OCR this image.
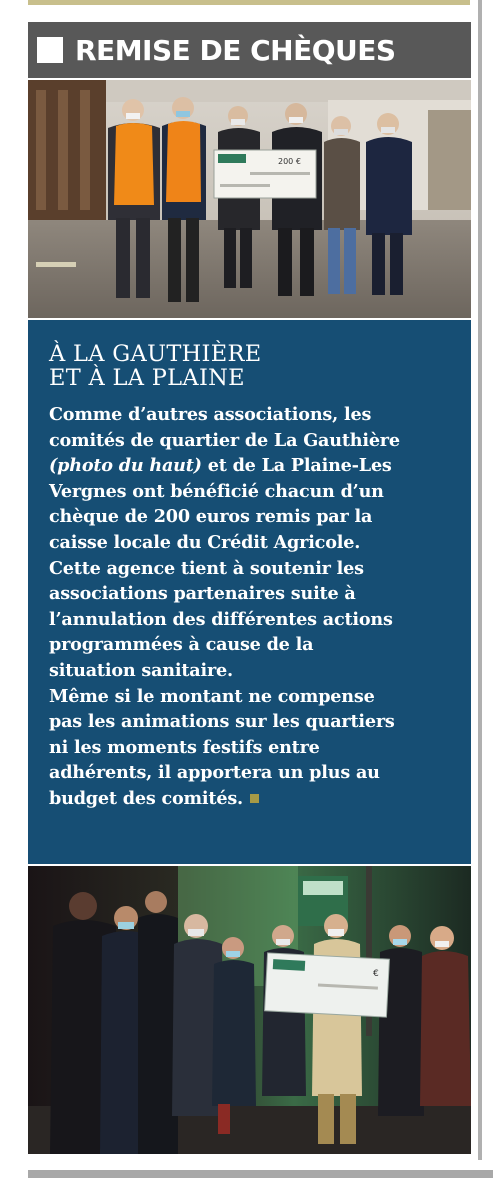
REMISE DE CHÈQUES
200 €
À LA GAUTHIÈRE
ET À LA PLAINE

Comme d’autres associations, les
comités de quartier de La Gauthière
(photo du haut) et de La Plaine-Les
Vergnes ont bénéficié chacun d’un
chèque de 200 euros remis par la
caisse locale du Crédit Agricole.
Cette agence tient à soutenir les
associations partenaires suite à
l’annulation des différentes actions
programmées à cause de la
situation sanitaire.
Même si le montant ne compense
pas les animations sur les quartiers
ni les moments festifs entre
adhérents, il apportera un plus au
budget des comités.

€
